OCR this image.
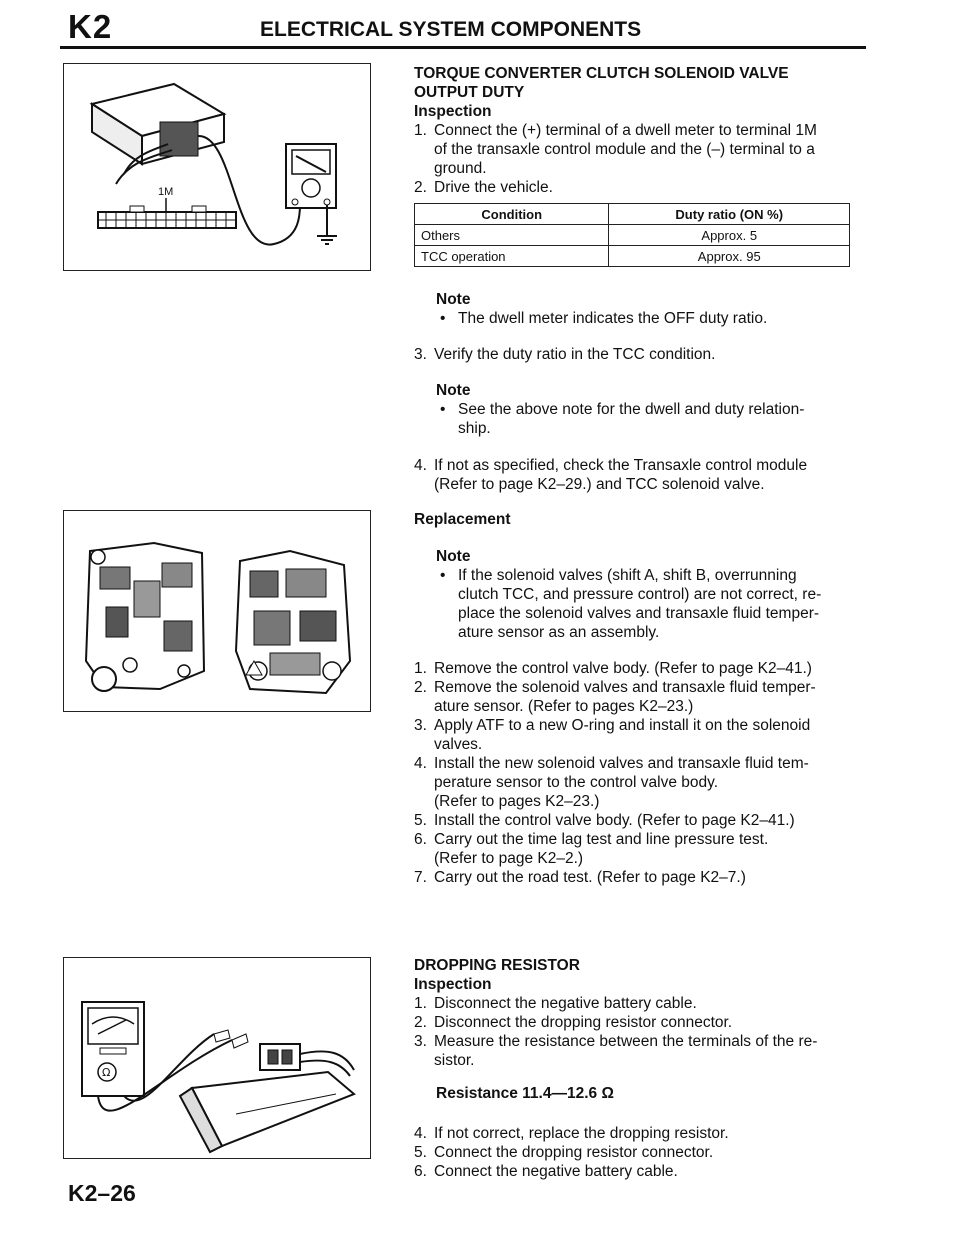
K2	ELECTRICAL SYSTEM COMPONENTS
1M
Ω
TORQUE CONVERTER CLUTCH SOLENOID VALVE
OUTPUT DUTY
Inspection
1. Connect the (+) terminal of a dwell meter to terminal 1M
of the transaxle control module and the (–) terminal to a
ground.
2. Drive the vehicle.
Condition	Duty ratio (ON %)
Others	Approx. 5
TCC operation	Approx. 95
Note
• The dwell meter indicates the OFF duty ratio.
3. Verify the duty ratio in the TCC condition.
Note
• See the above note for the dwell and duty relation-
ship.
4. If not as specified, check the Transaxle control module
(Refer to page K2–29.) and TCC solenoid valve.
Replacement
Note
• If the solenoid valves (shift A, shift B, overrunning
clutch TCC, and pressure control) are not correct, re-
place the solenoid valves and transaxle fluid temper-
ature sensor as an assembly.
1. Remove the control valve body. (Refer to page K2–41.)
2. Remove the solenoid valves and transaxle fluid temper-
ature sensor. (Refer to pages K2–23.)
3. Apply ATF to a new O-ring and install it on the solenoid
valves.
4. Install the new solenoid valves and transaxle fluid tem-
perature sensor to the control valve body.
(Refer to pages K2–23.)
5. Install the control valve body. (Refer to page K2–41.)
6. Carry out the time lag test and line pressure test.
(Refer to page K2–2.)
7. Carry out the road test. (Refer to page K2–7.)
DROPPING RESISTOR
Inspection
1. Disconnect the negative battery cable.
2. Disconnect the dropping resistor connector.
3. Measure the resistance between the terminals of the re-
sistor.
Resistance 11.4—12.6 Ω
4. If not correct, replace the dropping resistor.
5. Connect the dropping resistor connector.
6. Connect the negative battery cable.
K2–26
